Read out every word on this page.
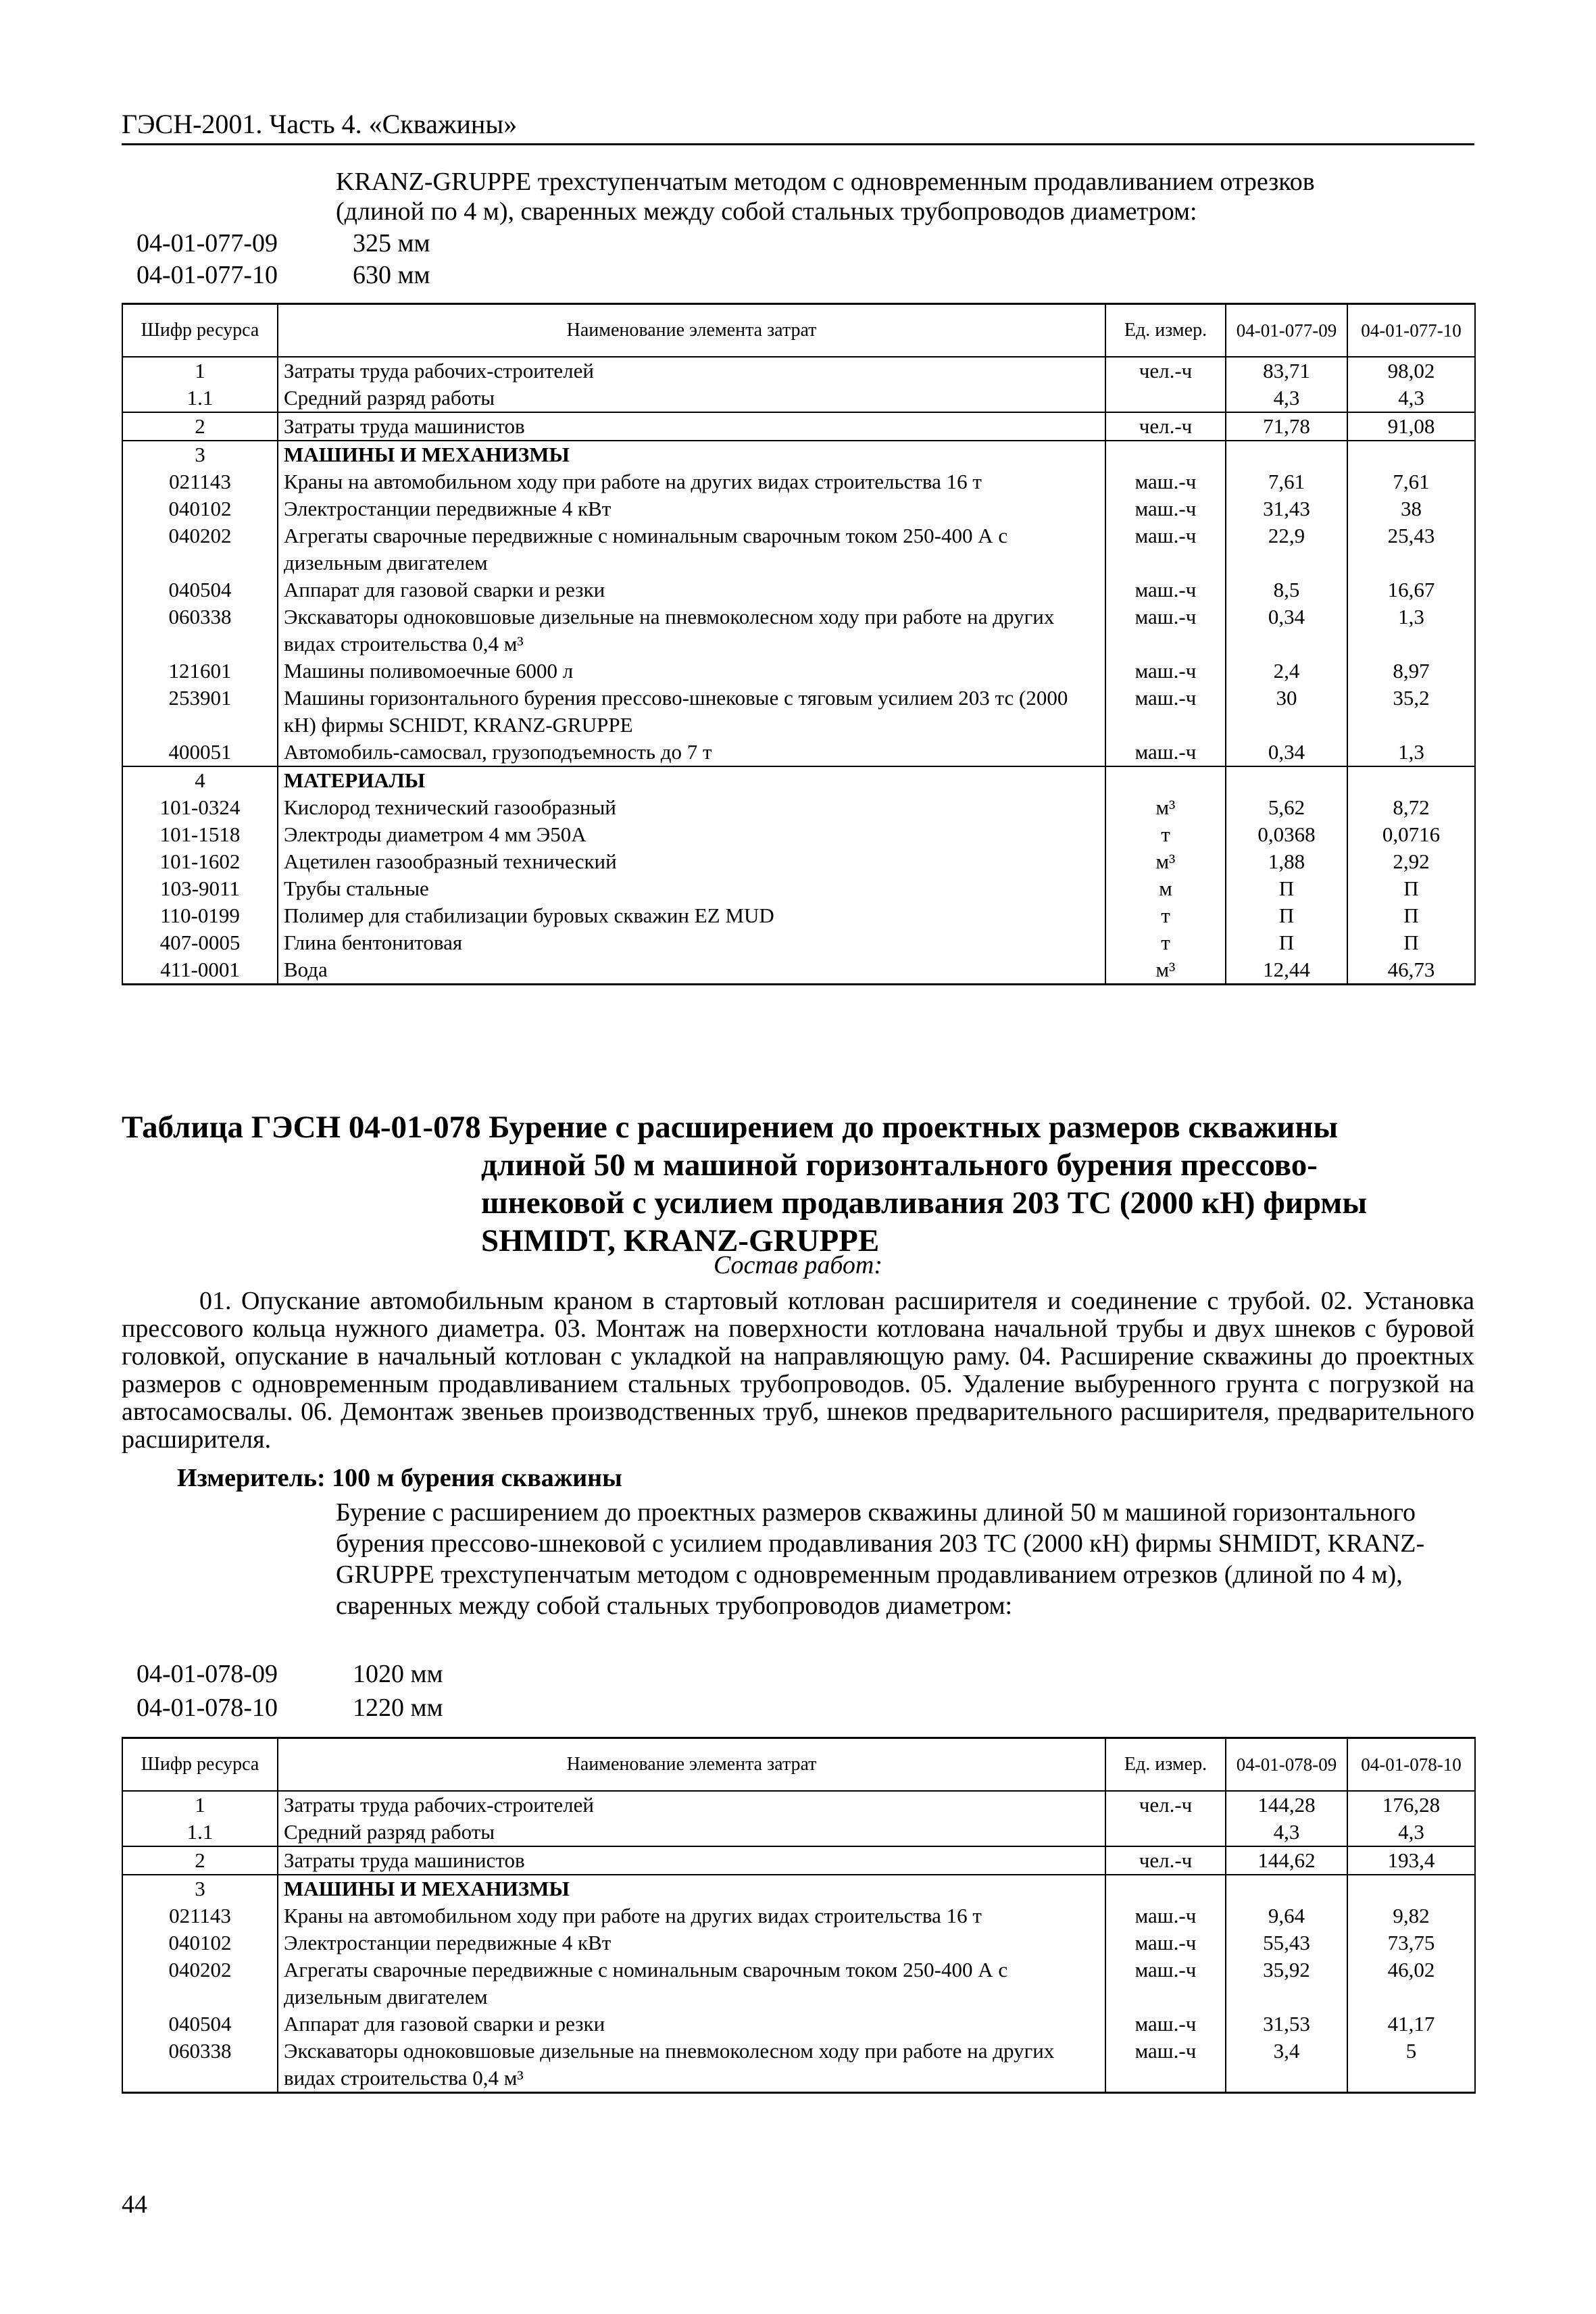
ГЭСН-2001. Часть 4. «Скважины»
KRANZ-GRUPPE трехступенчатым методом с одновременным продавливанием отрезков
(длиной по 4 м), сваренных между собой стальных трубопроводов диаметром:
04-01-077-09	325 мм
04-01-077-10	630 мм
Шифр ресурса	Наименование элемента затрат	Ед. измер.	04-01-077-09	04-01-077-10
1	Затраты труда рабочих-строителей	чел.-ч	83,71	98,02
1.1	Средний разряд работы		4,3	4,3
2	Затраты труда машинистов	чел.-ч	71,78	91,08
3	МАШИНЫ И МЕХАНИЗМЫ			
021143	Краны на автомобильном ходу при работе на других видах строительства 16 т	маш.-ч	7,61	7,61
040102	Электростанции передвижные 4 кВт	маш.-ч	31,43	38
040202	Агрегаты сварочные передвижные с номинальным сварочным током 250-400 А с дизельным двигателем	маш.-ч	22,9	25,43
040504	Аппарат для газовой сварки и резки	маш.-ч	8,5	16,67
060338	Экскаваторы одноковшовые дизельные на пневмоколесном ходу при работе на других видах строительства 0,4 м³	маш.-ч	0,34	1,3
121601	Машины поливомоечные 6000 л	маш.-ч	2,4	8,97
253901	Машины горизонтального бурения прессово-шнековые с тяговым усилием 203 тс (2000 кН) фирмы SCHIDT, KRANZ-GRUPPE	маш.-ч	30	35,2
400051	Автомобиль-самосвал, грузоподъемность до 7 т	маш.-ч	0,34	1,3
4	МАТЕРИАЛЫ			
101-0324	Кислород технический газообразный	м³	5,62	8,72
101-1518	Электроды диаметром 4 мм Э50А	т	0,0368	0,0716
101-1602	Ацетилен газообразный технический	м³	1,88	2,92
103-9011	Трубы стальные	м	П	П
110-0199	Полимер для стабилизации буровых скважин EZ MUD	т	П	П
407-0005	Глина бентонитовая	т	П	П
411-0001	Вода	м³	12,44	46,73
Таблица ГЭСН 04-01-078 Бурение с расширением до проектных размеров скважины
длиной 50 м машиной горизонтального бурения прессово-
шнековой с усилием продавливания 203 ТС (2000 кН) фирмы
SHMIDT, KRANZ-GRUPPE
Состав работ:
01. Опускание автомобильным краном в стартовый котлован расширителя и соединение с трубой. 02. Установка прессового кольца нужного диаметра. 03. Монтаж на поверхности котлована начальной трубы и двух шнеков с буровой головкой, опускание в начальный котлован с укладкой на направляющую раму. 04. Расширение скважины до проектных размеров с одновременным продавливанием стальных трубопроводов. 05. Удаление выбуренного грунта с погрузкой на автосамосвалы. 06. Демонтаж звеньев производственных труб, шнеков предварительного расширителя, предварительного расширителя.
Измеритель: 100 м бурения скважины
Бурение с расширением до проектных размеров скважины длиной 50 м машиной горизонтального бурения прессово-шнековой с усилием продавливания 203 ТС (2000 кН) фирмы SHMIDT, KRANZ-GRUPPE трехступенчатым методом с одновременным продавливанием отрезков (длиной по 4 м), сваренных между собой стальных трубопроводов диаметром:
04-01-078-09	1020 мм
04-01-078-10	1220 мм
Шифр ресурса	Наименование элемента затрат	Ед. измер.	04-01-078-09	04-01-078-10
1	Затраты труда рабочих-строителей	чел.-ч	144,28	176,28
1.1	Средний разряд работы		4,3	4,3
2	Затраты труда машинистов	чел.-ч	144,62	193,4
3	МАШИНЫ И МЕХАНИЗМЫ			
021143	Краны на автомобильном ходу при работе на других видах строительства 16 т	маш.-ч	9,64	9,82
040102	Электростанции передвижные 4 кВт	маш.-ч	55,43	73,75
040202	Агрегаты сварочные передвижные с номинальным сварочным током 250-400 А с дизельным двигателем	маш.-ч	35,92	46,02
040504	Аппарат для газовой сварки и резки	маш.-ч	31,53	41,17
060338	Экскаваторы одноковшовые дизельные на пневмоколесном ходу при работе на других видах строительства 0,4 м³	маш.-ч	3,4	5
44
